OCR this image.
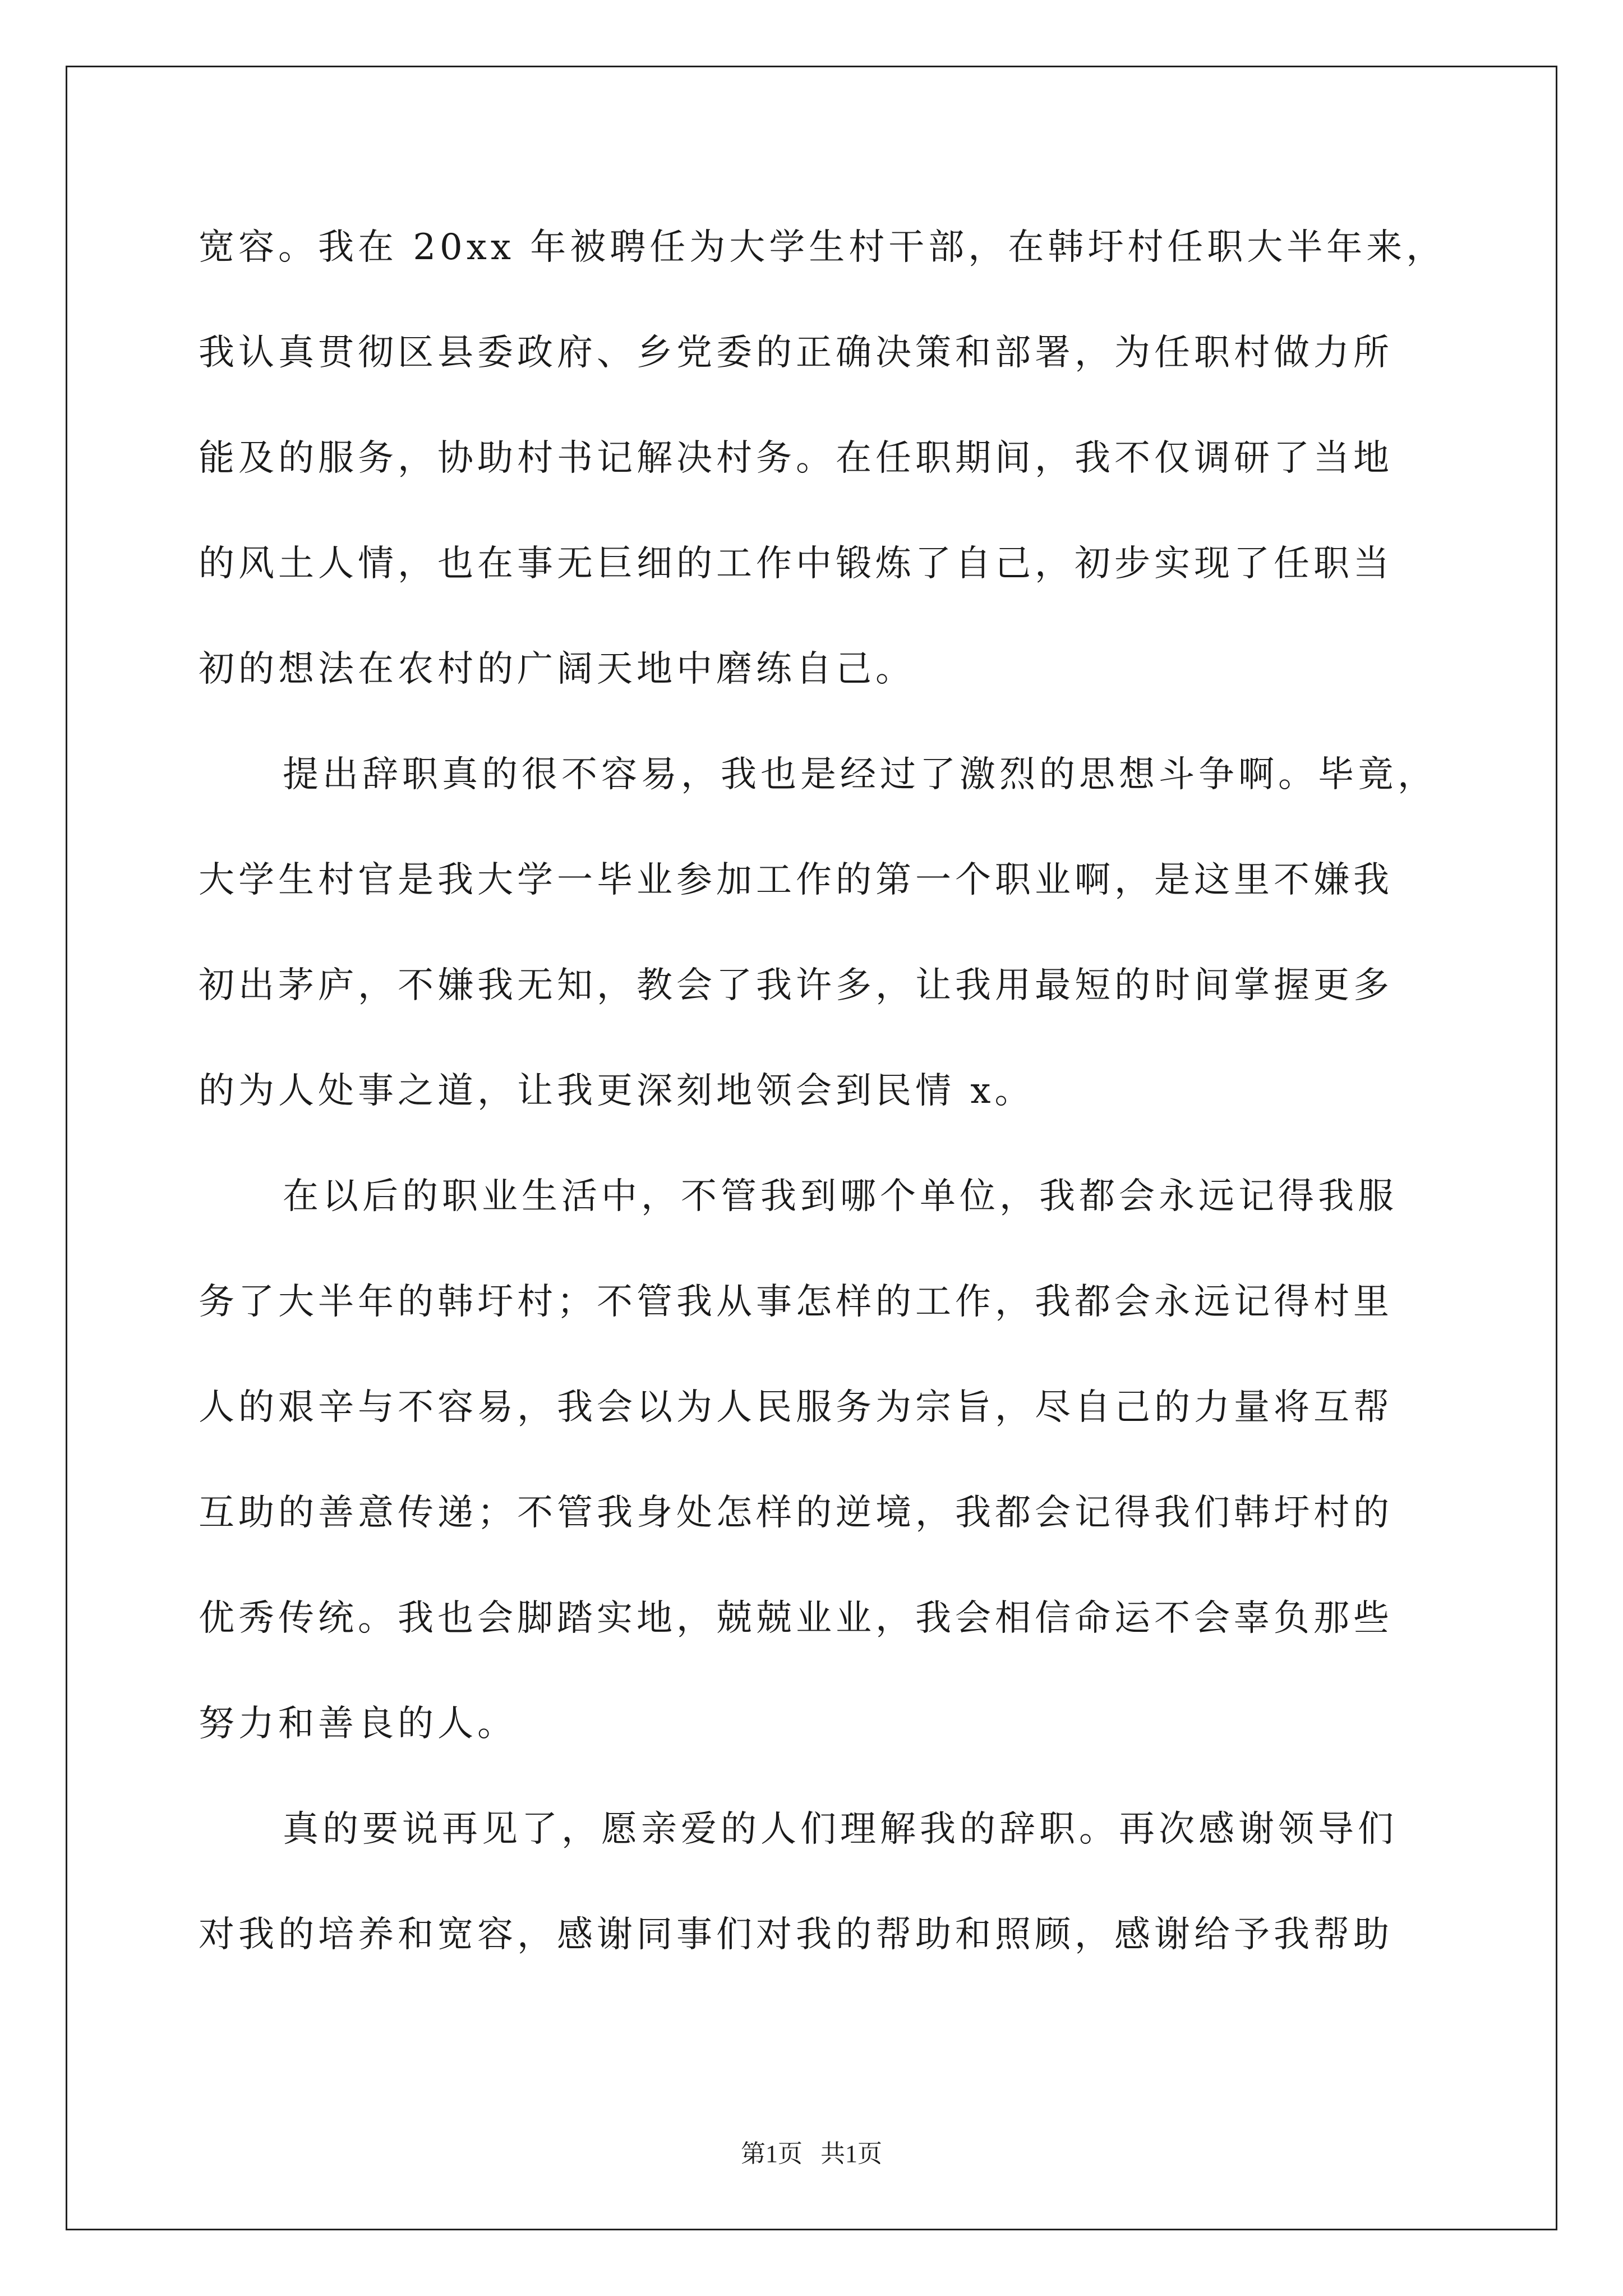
宽容。我在 20xx 年被聘任为大学生村干部，在韩圩村任职大半年来，
我认真贯彻区县委政府、乡党委的正确决策和部署，为任职村做力所
能及的服务，协助村书记解决村务。在任职期间，我不仅调研了当地
的风土人情，也在事无巨细的工作中锻炼了自己，初步实现了任职当
初的想法在农村的广阔天地中磨练自己。
提出辞职真的很不容易，我也是经过了激烈的思想斗争啊。毕竟，
大学生村官是我大学一毕业参加工作的第一个职业啊，是这里不嫌我
初出茅庐，不嫌我无知，教会了我许多，让我用最短的时间掌握更多
的为人处事之道，让我更深刻地领会到民情 x。
在以后的职业生活中，不管我到哪个单位，我都会永远记得我服
务了大半年的韩圩村；不管我从事怎样的工作，我都会永远记得村里
人的艰辛与不容易，我会以为人民服务为宗旨，尽自己的力量将互帮
互助的善意传递；不管我身处怎样的逆境，我都会记得我们韩圩村的
优秀传统。我也会脚踏实地，兢兢业业，我会相信命运不会辜负那些
努力和善良的人。
真的要说再见了，愿亲爱的人们理解我的辞职。再次感谢领导们
对我的培养和宽容，感谢同事们对我的帮助和照顾，感谢给予我帮助
第1页 共1页
